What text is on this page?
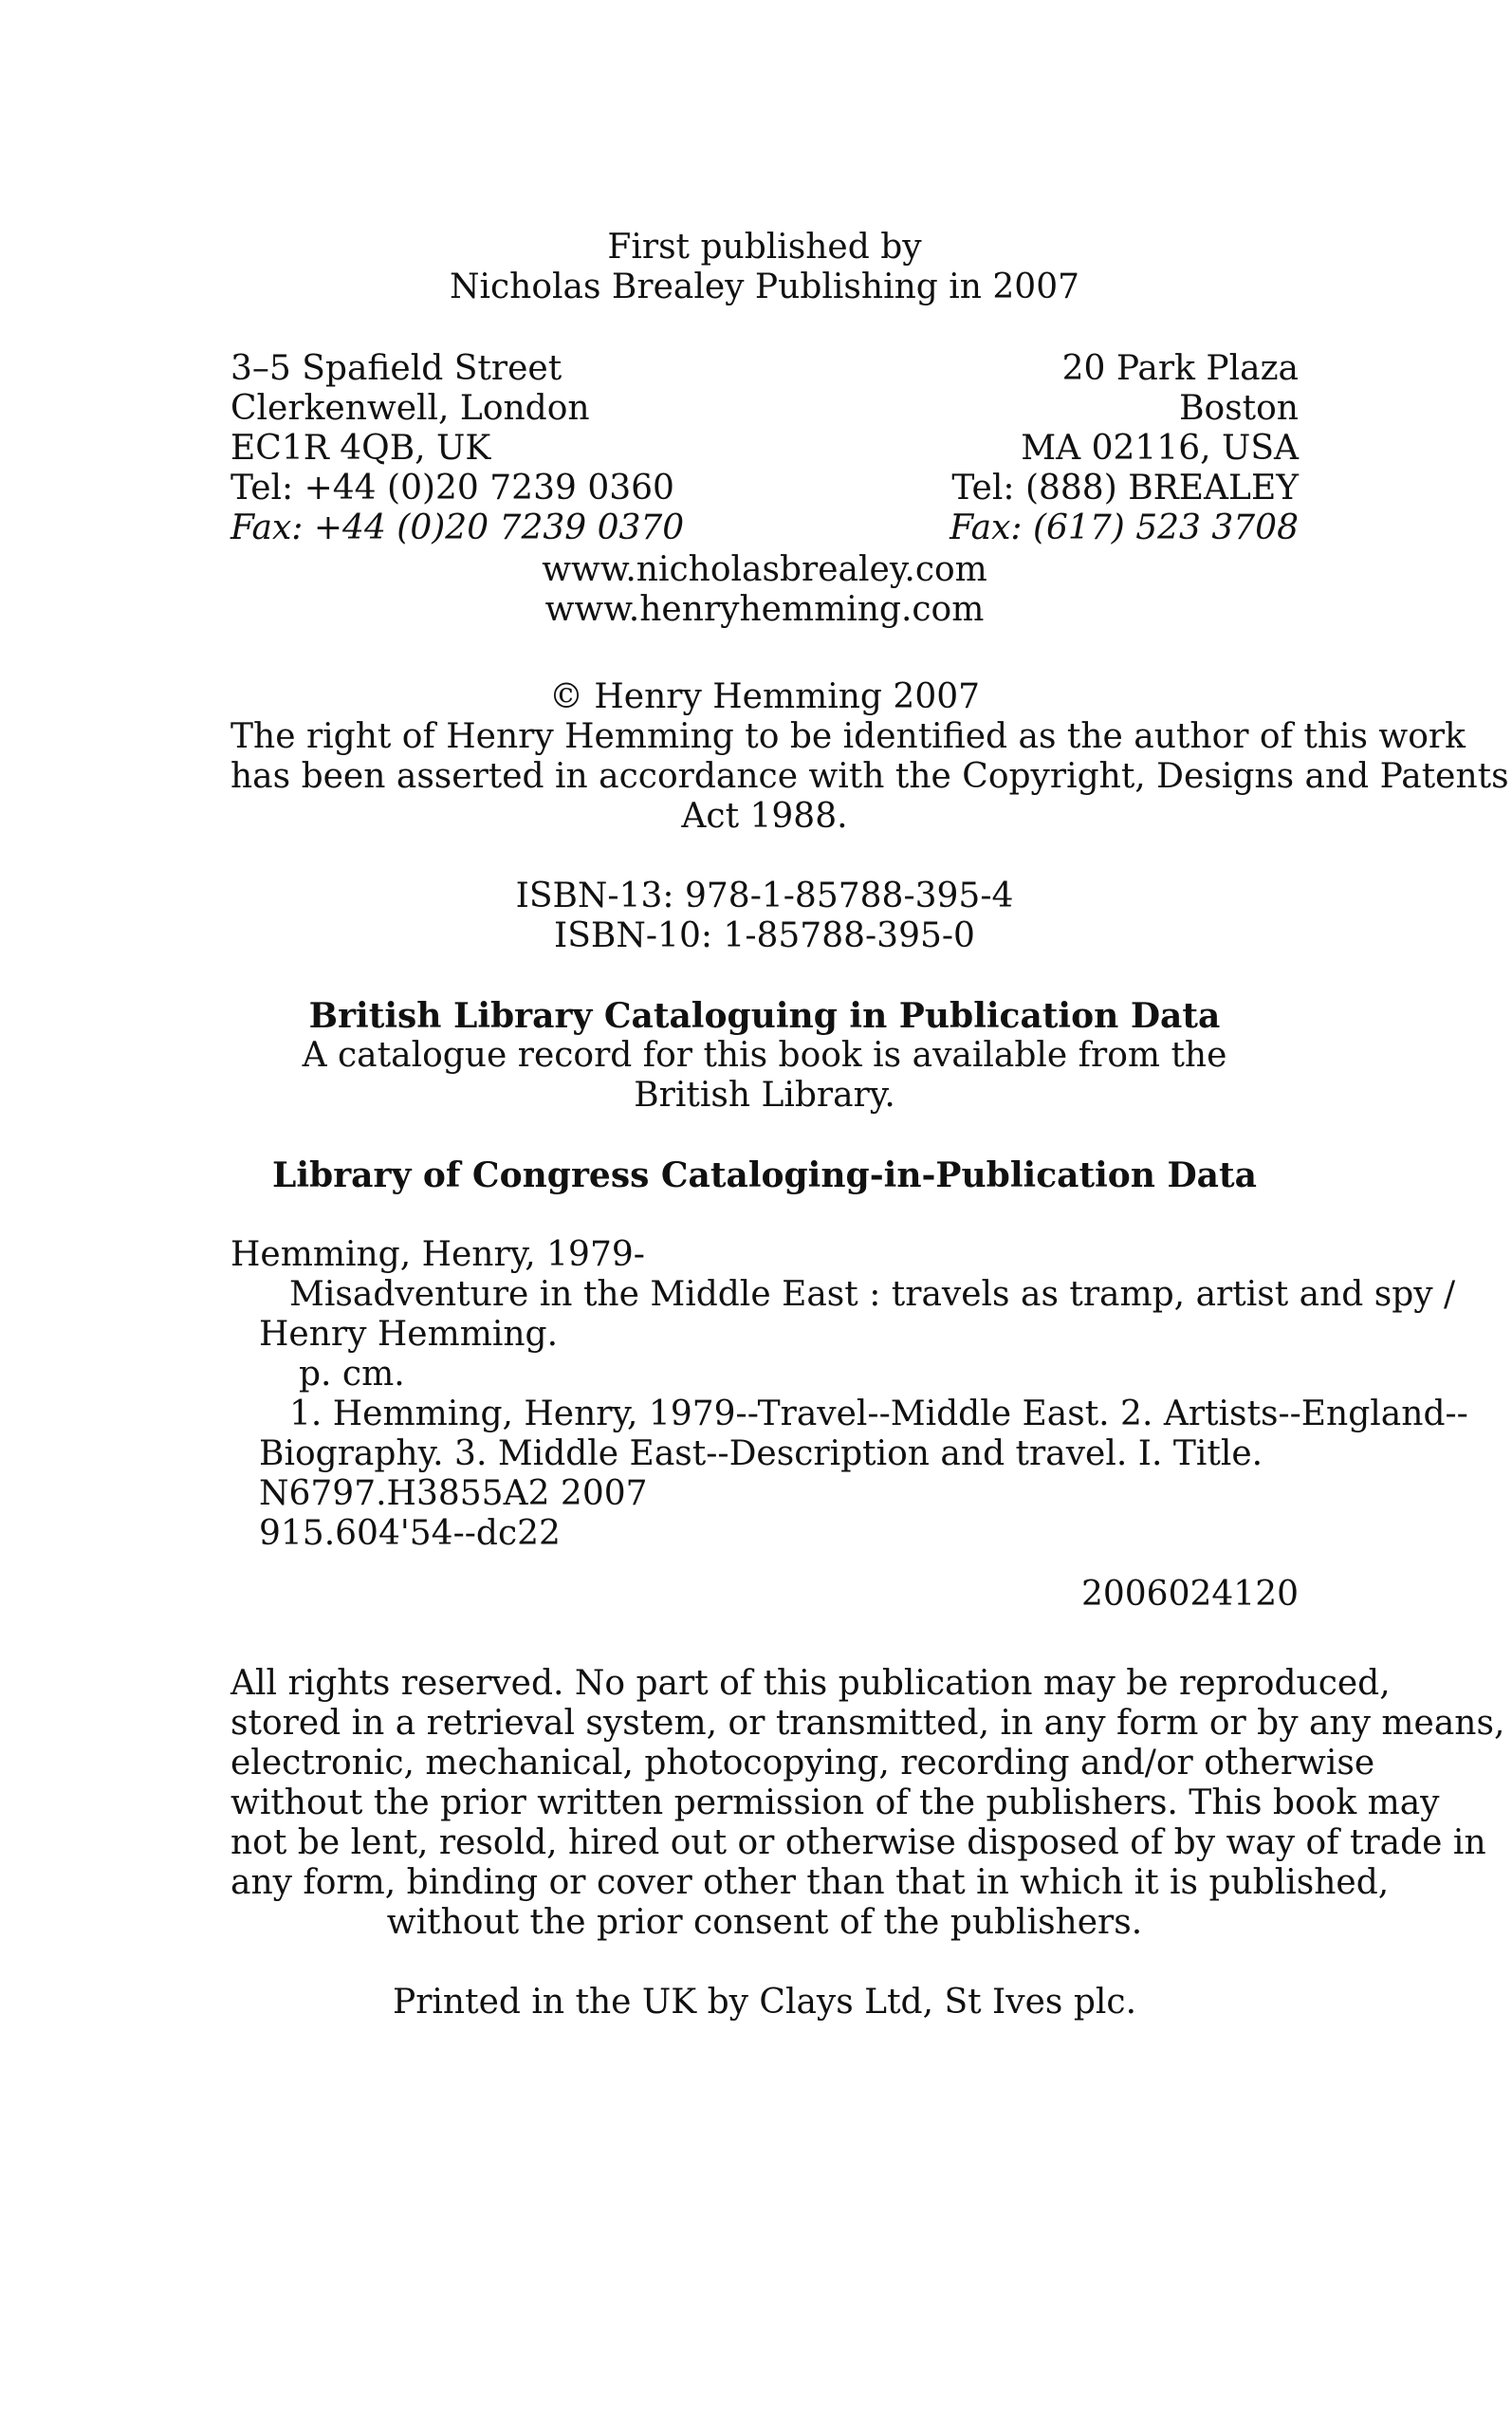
First published by
Nicholas Brealey Publishing in 2007
3–5 Spafield Street
Clerkenwell, London
EC1R 4QB, UK
Tel: +44 (0)20 7239 0360
Fax: +44 (0)20 7239 0370
20 Park Plaza
Boston
MA 02116, USA
Tel: (888) BREALEY
Fax: (617) 523 3708
www.nicholasbrealey.com
www.henryhemming.com
© Henry Hemming 2007
The right of Henry Hemming to be identified as the author of this work
has been asserted in accordance with the Copyright, Designs and Patents
Act 1988.
ISBN-13: 978-1-85788-395-4
ISBN-10: 1-85788-395-0
British Library Cataloguing in Publication Data
A catalogue record for this book is available from the
British Library.
Library of Congress Cataloging-in-Publication Data
Hemming, Henry, 1979-
Misadventure in the Middle East : travels as tramp, artist and spy /
Henry Hemming.
p. cm.
1. Hemming, Henry, 1979--Travel--Middle East. 2. Artists--England--
Biography. 3. Middle East--Description and travel. I. Title.
N6797.H3855A2 2007
915.604'54--dc22
2006024120
All rights reserved. No part of this publication may be reproduced,
stored in a retrieval system, or transmitted, in any form or by any means,
electronic, mechanical, photocopying, recording and/or otherwise
without the prior written permission of the publishers. This book may
not be lent, resold, hired out or otherwise disposed of by way of trade in
any form, binding or cover other than that in which it is published,
without the prior consent of the publishers.
Printed in the UK by Clays Ltd, St Ives plc.
